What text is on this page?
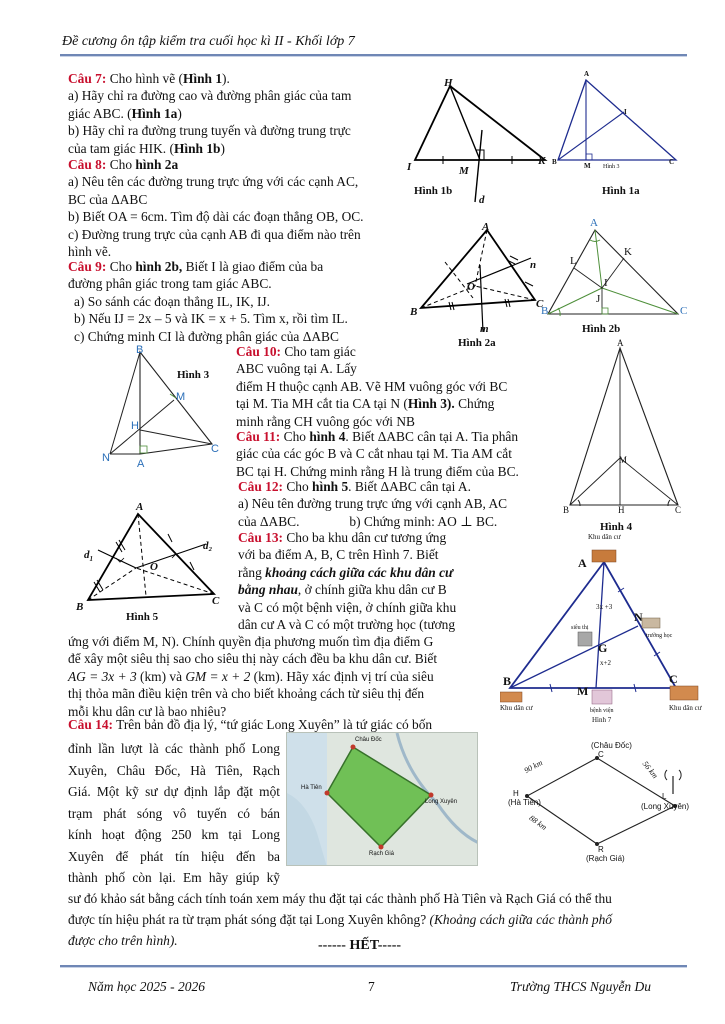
Đề cương ôn tập kiểm tra cuối học kì II - Khối lớp 7
Câu 7: Cho hình vẽ (Hình 1).
a) Hãy chỉ ra đường cao và đường phân giác của tam
giác ABC. (Hình 1a)
b) Hãy chỉ ra đường trung tuyến và đường trung trực
của tam giác HIK. (Hình 1b)
Câu 8: Cho hình 2a
a) Nêu tên các đường trung trực ứng với các cạnh AC,
BC của ΔABC
b) Biết OA = 6cm. Tìm độ dài các đoạn thẳng OB, OC.
c) Đường trung trực của cạnh AB đi qua điểm nào trên
hình vẽ.
Câu 9: Cho hình 2b, Biết I là giao điểm của ba
đường phân giác trong tam giác ABC.
a) So sánh các đoạn thẳng IL, IK, IJ.
b) Nếu IJ = 2x – 5 và IK = x + 5. Tìm x, rồi tìm IL.
c) Chứng minh CI là đường phân giác của ΔABC
Câu 10: Cho tam giác
ABC vuông tại A. Lấy
điểm H thuộc cạnh AB. Vẽ HM vuông góc với BC
tại M. Tia MH cắt tia CA tại N (Hình 3). Chứng
minh rằng CH vuông góc với NB
Câu 11: Cho hình 4. Biết ΔABC cân tại A. Tia phân
giác của các góc B và C cắt nhau tại M. Tia AM cắt
BC tại H. Chứng minh rằng H là trung điểm của BC.
Câu 12: Cho hình 5. Biết ΔABC cân tại A.
a) Nêu tên đường trung trực ứng với cạnh AB, AC
của ΔABC.	b) Chứng minh: AO ⊥ BC.
Câu 13: Cho ba khu dân cư tương ứng
với ba điểm A, B, C trên Hình 7. Biết
rằng khoảng cách giữa các khu dân cư
bằng nhau, ở chính giữa khu dân cư B
và C có một bệnh viện, ở chính giữa khu
dân cư A và C có một trường học (tương
ứng với điểm M, N). Chính quyền địa phương muốn tìm địa điểm G
để xây một siêu thị sao cho siêu thị này cách đều ba khu dân cư. Biết
AG = 3x + 3 (km) và GM = x + 2 (km). Hãy xác định vị trí của siêu
thị thỏa mãn điều kiện trên và cho biết khoảng cách từ siêu thị đến
mỗi khu dân cư là bao nhiêu?
Câu 14: Trên bản đồ địa lý, “tứ giác Long Xuyên” là tứ giác có bốn
đỉnh lần lượt là các thành phố Long
Xuyên, Châu Đốc, Hà Tiên, Rạch
Giá. Một kỹ sư dự định lắp đặt một
trạm phát sóng vô tuyến có bán
kính hoạt động 250 km tại Long
Xuyên để phát tín hiệu đến ba
thành phố còn lại. Em hãy giúp kỹ
sư đó khảo sát bằng cách tính toán xem máy thu đặt tại các thành phố Hà Tiên và Rạch Giá có thể thu
được tín hiệu phát ra từ trạm phát sóng đặt tại Long Xuyên không? (Khoảng cách giữa các thành phố
được cho trên hình).	------ HẾT-----
H
I	M
K
d
Hình 1b
A
B	M
I
C
Hình 3
Hình 1a
A
B
C
O
n
m
Hình 2a
A
B	C
L
K
I
J
Hình 2b
B
M
H
N A
C
Hình 3
A
M
B	H	C
Hình 4
A
B	C
O
$d_1$
d₂
Hình 5
Khu dân cư
A
B	C
N
M
G
3x +3
x+2
trường học
siêu thị
bệnh viện
Khu dân cư	Khu dân cư
Hình 7
Châu Đốc
Hà Tiên
Long Xuyên
Rạch Giá
(Châu Đốc)
C
H
(Hà Tiên)
L
(Long Xuyên)
R
(Rạch Giá)
90 km	56 km
88 km
Năm học 2025 - 2026	7	Trường THCS Nguyễn Du
